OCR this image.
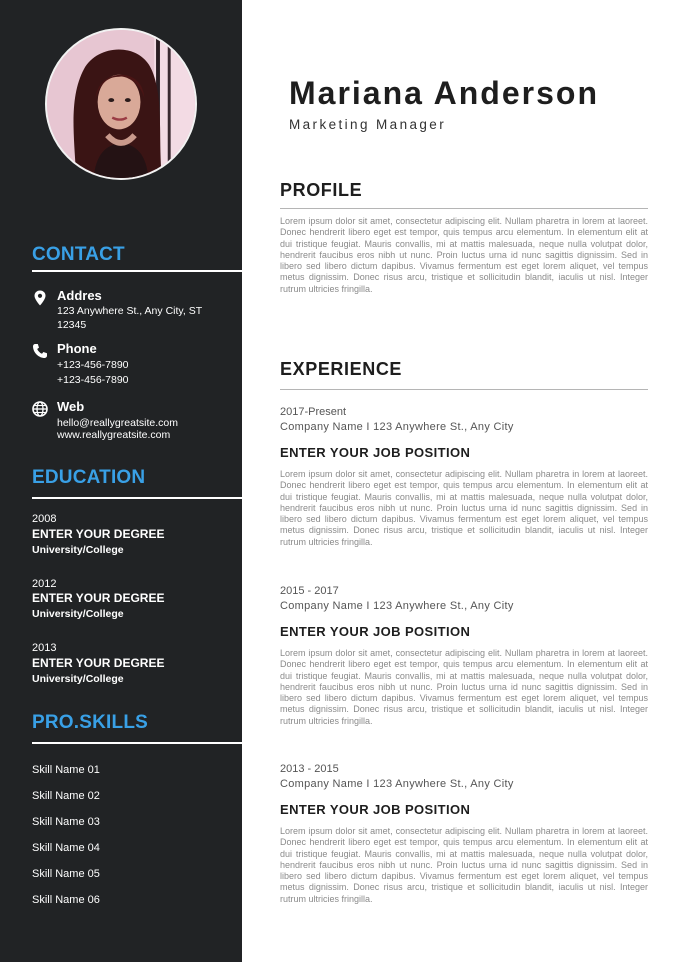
CONTACT
Addres
123 Anywhere St., Any City, ST
12345
Phone
+123-456-7890
+123-456-7890
Web
hello@reallygreatsite.com
www.reallygreatsite.com
EDUCATION
2008
ENTER YOUR DEGREE
University/College
2012
ENTER YOUR DEGREE
University/College
2013
ENTER YOUR DEGREE
University/College
PRO.SKILLS
Skill Name 01
Skill Name 02
Skill Name 03
Skill Name 04
Skill Name 05
Skill Name 06
Mariana Anderson
Marketing Manager
PROFILE
Lorem ipsum dolor sit amet, consectetur adipiscing elit. Nullam pharetra in lorem at laoreet. Donec hendrerit libero eget est tempor, quis tempus arcu elementum. In elementum elit at dui tristique feugiat. Mauris convallis, mi at mattis malesuada, neque nulla volutpat dolor, hendrerit faucibus eros nibh ut nunc. Proin luctus urna id nunc sagittis dignissim. Sed in libero sed libero dictum dapibus. Vivamus fermentum est eget lorem aliquet, vel tempus metus dignissim. Donec risus arcu, tristique et sollicitudin blandit, iaculis ut nisl. Integer rutrum ultricies fringilla.
EXPERIENCE
2017-Present
Company Name I 123 Anywhere St., Any City
ENTER YOUR JOB POSITION
Lorem ipsum dolor sit amet, consectetur adipiscing elit. Nullam pharetra in lorem at laoreet. Donec hendrerit libero eget est tempor, quis tempus arcu elementum. In elementum elit at dui tristique feugiat. Mauris convallis, mi at mattis malesuada, neque nulla volutpat dolor, hendrerit faucibus eros nibh ut nunc. Proin luctus urna id nunc sagittis dignissim. Sed in libero sed libero dictum dapibus. Vivamus fermentum est eget lorem aliquet, vel tempus metus dignissim. Donec risus arcu, tristique et sollicitudin blandit, iaculis ut nisl. Integer rutrum ultricies fringilla.
2015 - 2017
Company Name I 123 Anywhere St., Any City
ENTER YOUR JOB POSITION
Lorem ipsum dolor sit amet, consectetur adipiscing elit. Nullam pharetra in lorem at laoreet. Donec hendrerit libero eget est tempor, quis tempus arcu elementum. In elementum elit at dui tristique feugiat. Mauris convallis, mi at mattis malesuada, neque nulla volutpat dolor, hendrerit faucibus eros nibh ut nunc. Proin luctus urna id nunc sagittis dignissim. Sed in libero sed libero dictum dapibus. Vivamus fermentum est eget lorem aliquet, vel tempus metus dignissim. Donec risus arcu, tristique et sollicitudin blandit, iaculis ut nisl. Integer rutrum ultricies fringilla.
2013 - 2015
Company Name I 123 Anywhere St., Any City
ENTER YOUR JOB POSITION
Lorem ipsum dolor sit amet, consectetur adipiscing elit. Nullam pharetra in lorem at laoreet. Donec hendrerit libero eget est tempor, quis tempus arcu elementum. In elementum elit at dui tristique feugiat. Mauris convallis, mi at mattis malesuada, neque nulla volutpat dolor, hendrerit faucibus eros nibh ut nunc. Proin luctus urna id nunc sagittis dignissim. Sed in libero sed libero dictum dapibus. Vivamus fermentum est eget lorem aliquet, vel tempus metus dignissim. Donec risus arcu, tristique et sollicitudin blandit, iaculis ut nisl. Integer rutrum ultricies fringilla.
